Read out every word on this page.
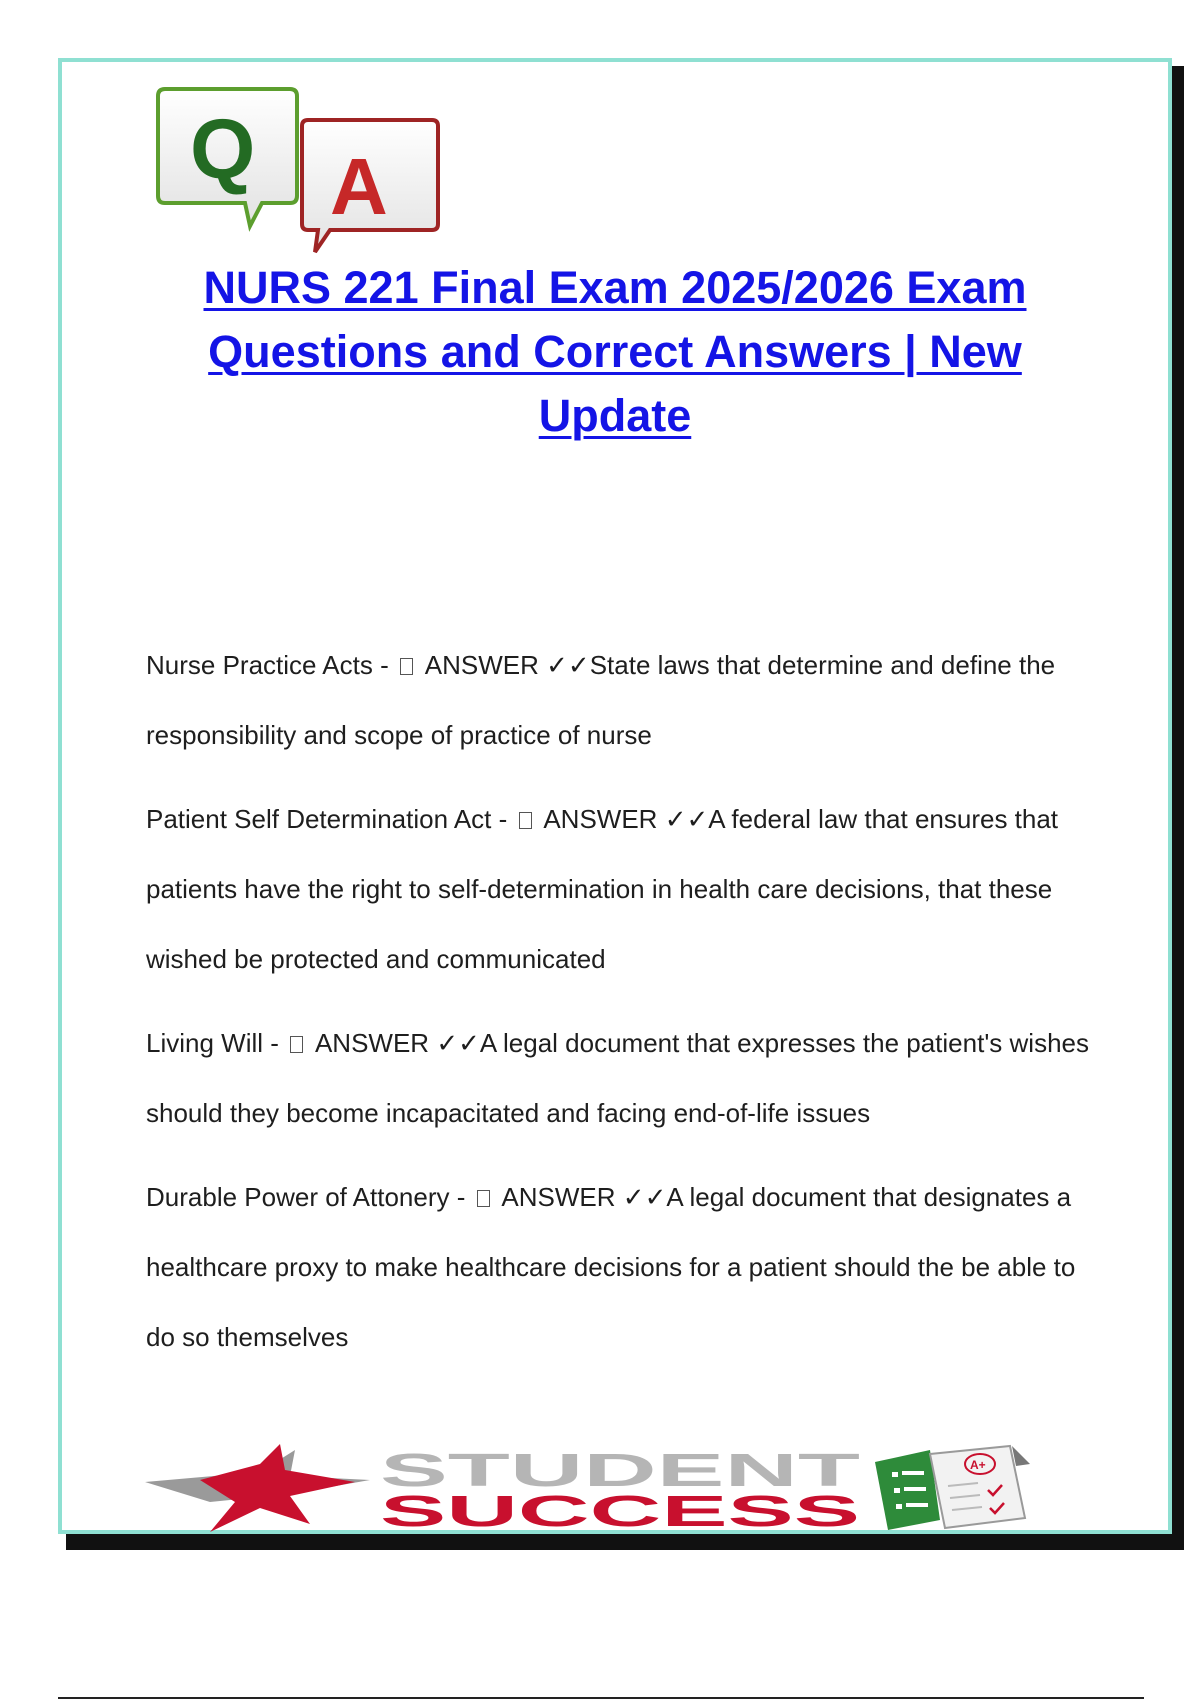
Q A
NURS 221 Final Exam 2025/2026 Exam Questions and Correct Answers | New Update
Nurse Practice Acts -  ANSWER ✓✓State laws that determine and define the responsibility and scope of practice of nurse
Patient Self Determination Act -  ANSWER ✓✓A federal law that ensures that patients have the right to self-determination in health care decisions, that these wished be protected and communicated
Living Will -  ANSWER ✓✓A legal document that expresses the patient's wishes should they become incapacitated and facing end-of-life issues
Durable Power of Attonery -  ANSWER ✓✓A legal document that designates a healthcare proxy to make healthcare decisions for a patient should the be able to do so themselves
STUDENT
SUCCESS
A+
